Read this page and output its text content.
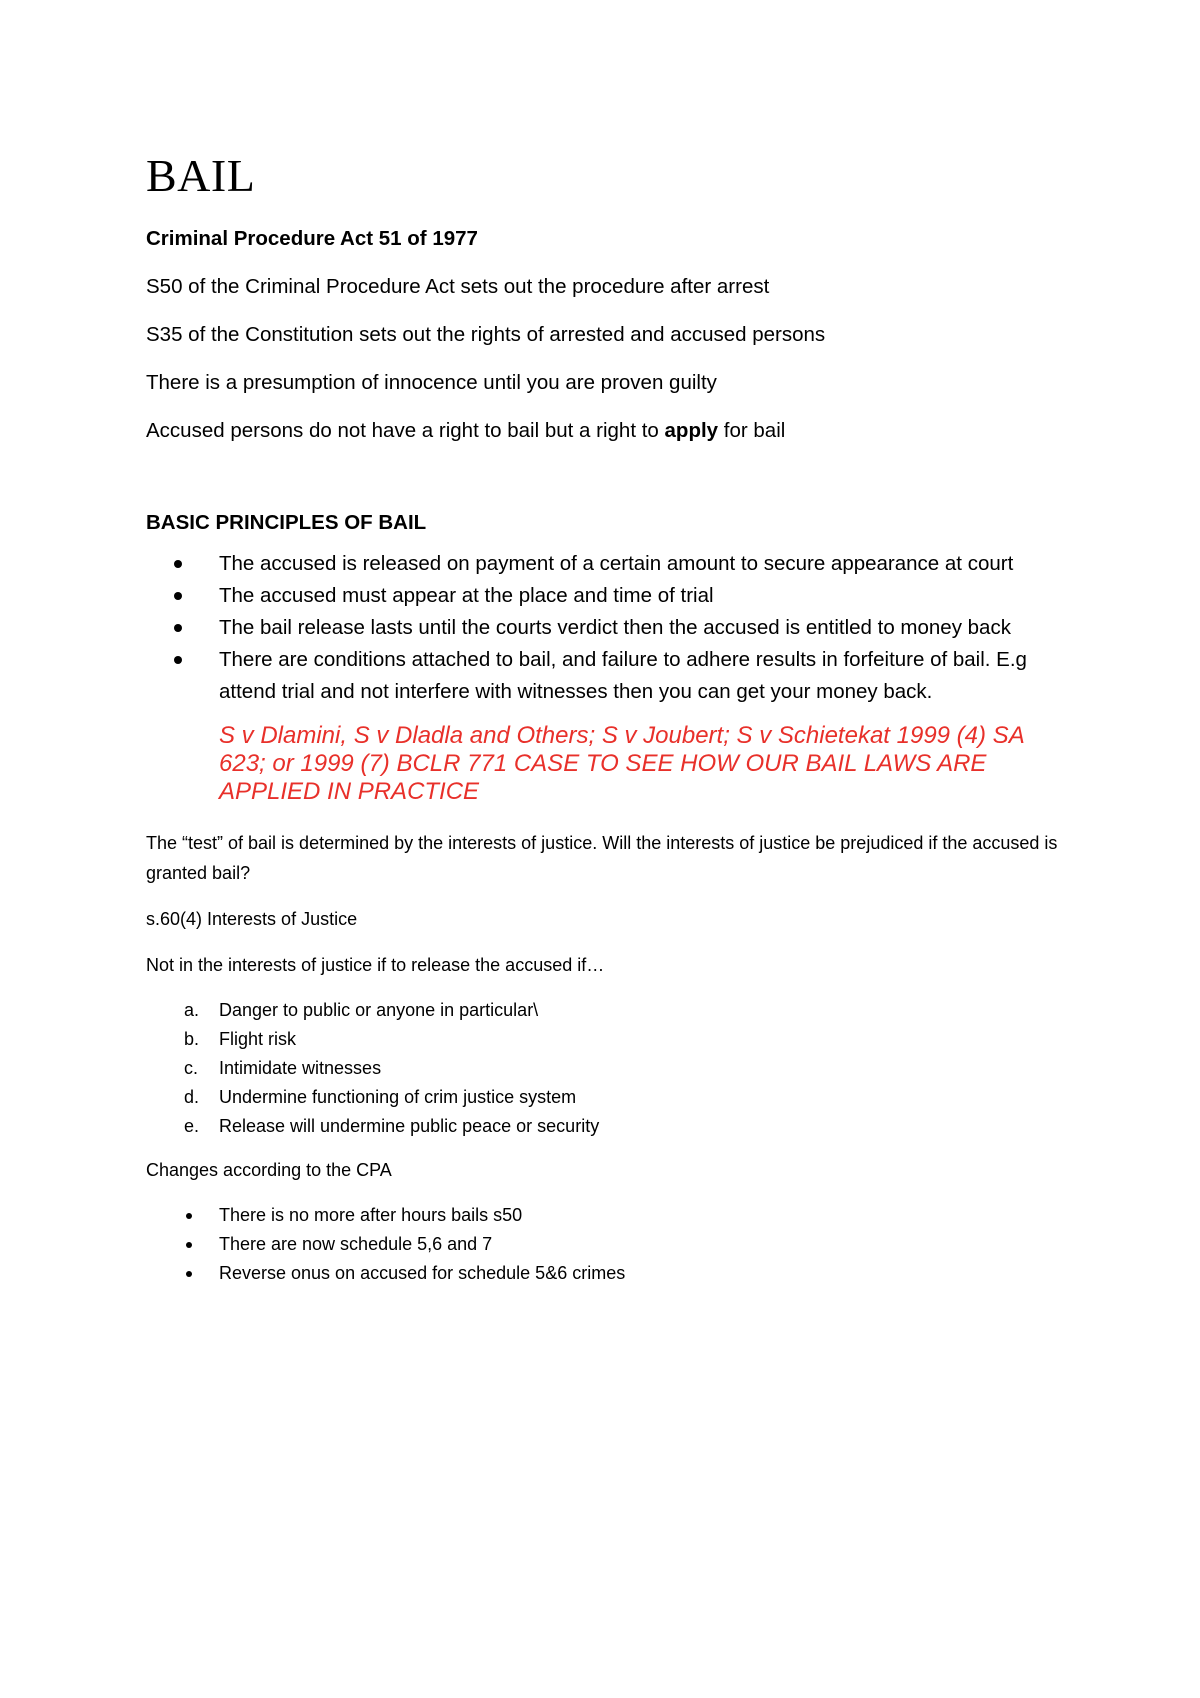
BAIL

Criminal Procedure Act 51 of 1977

S50 of the Criminal Procedure Act sets out the procedure after arrest

S35 of the Constitution sets out the rights of arrested and accused persons

There is a presumption of innocence until you are proven guilty

Accused persons do not have a right to bail but a right to apply for bail

BASIC PRINCIPLES OF BAIL

The accused is released on payment of a certain amount to secure appearance at court
The accused must appear at the place and time of trial
The bail release lasts until the courts verdict then the accused is entitled to money back
There are conditions attached to bail, and failure to adhere results in forfeiture of bail. E.g attend trial and not interfere with witnesses then you can get your money back.

S v Dlamini, S v Dladla and Others; S v Joubert; S v Schietekat 1999 (4) SA 623; or 1999 (7) BCLR 771 CASE TO SEE HOW OUR BAIL LAWS ARE APPLIED IN PRACTICE

The “test” of bail is determined by the interests of justice. Will the interests of justice be prejudiced if the accused is granted bail?

s.60(4) Interests of Justice

Not in the interests of justice if to release the accused if…

a. Danger to public or anyone in particular\
b. Flight risk
c. Intimidate witnesses
d. Undermine functioning of crim justice system
e. Release will undermine public peace or security

Changes according to the CPA

There is no more after hours bails s50
There are now schedule 5,6 and 7
Reverse onus on accused for schedule 5&6 crimes
